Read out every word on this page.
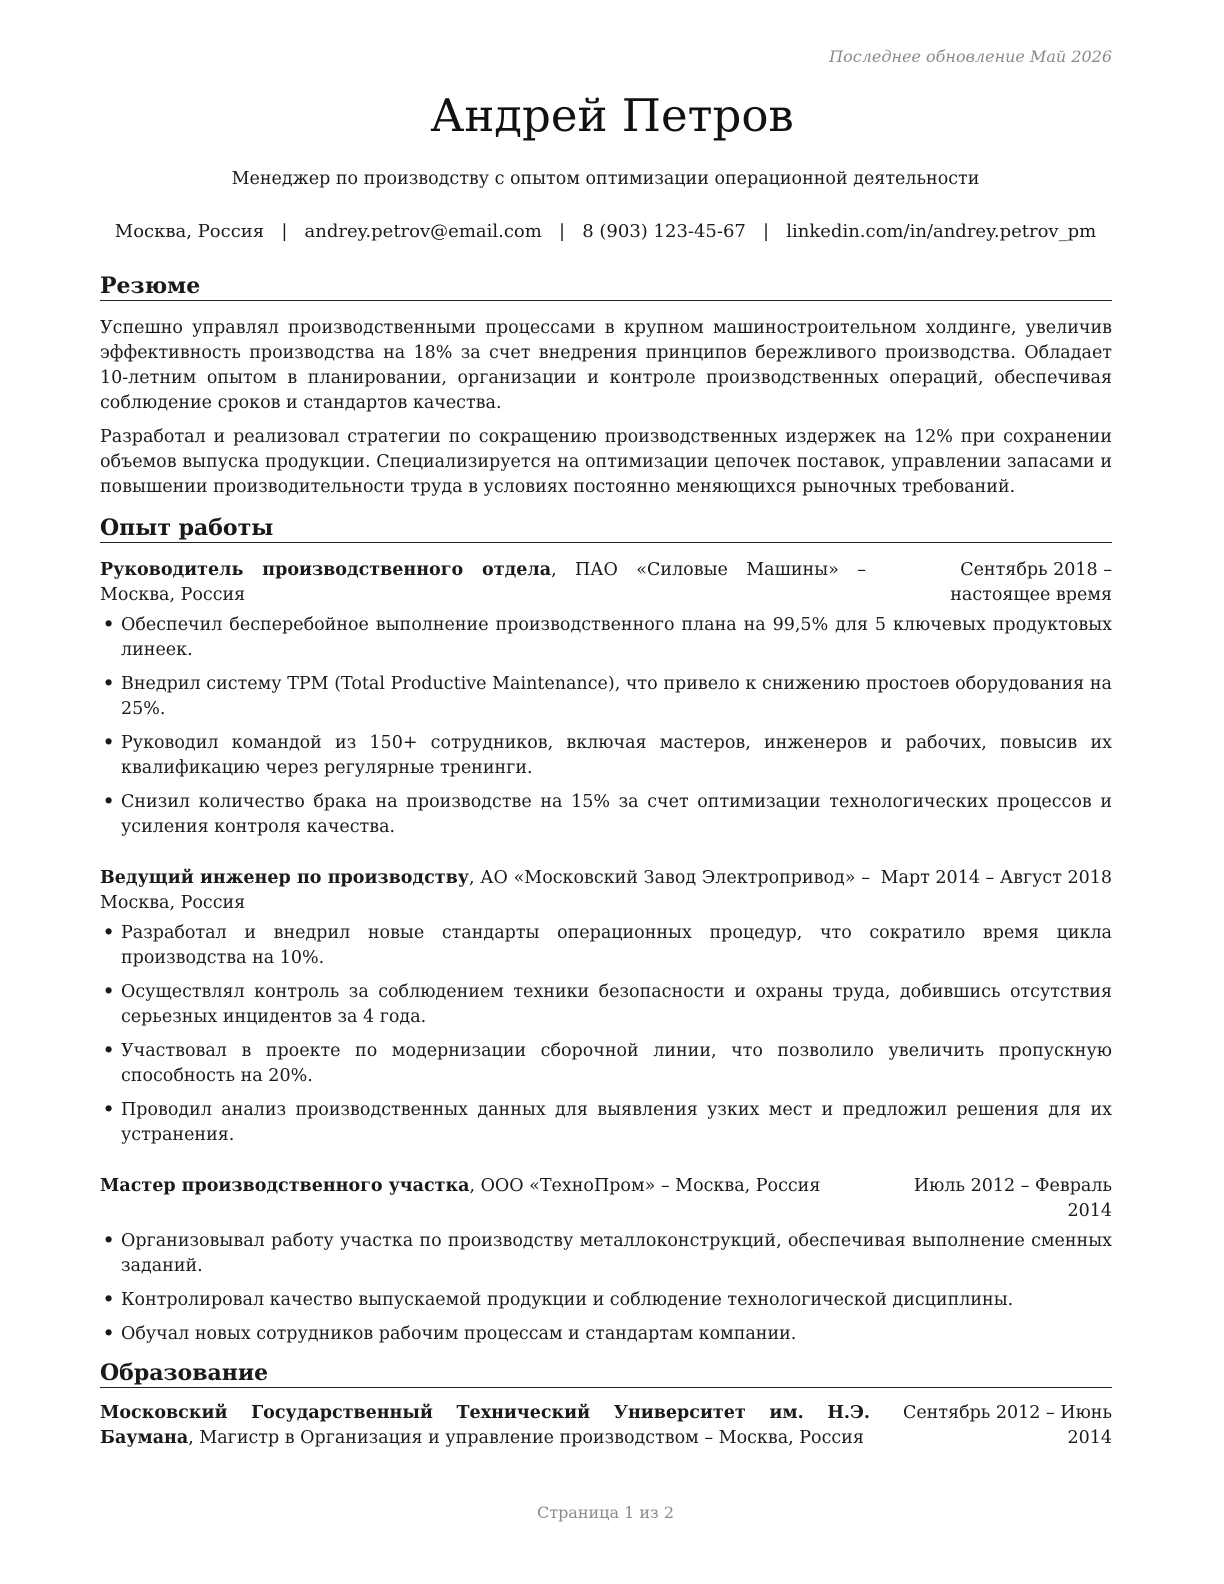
Последнее обновление Май 2026
Андрей Петров
Менеджер по производству с опытом оптимизации операционной деятельности
Москва, Россия   |   andrey.petrov@email.com   |   8 (903) 123-45-67   |   linkedin.com/in/andrey.petrov_pm
Резюме

Успешно управлял производственными процессами в крупном машиностроительном холдинге, увеличив эффективность производства на 18% за счет внедрения принципов бережливого производства. Обладает 10-летним опытом в планировании, организации и контроле производственных операций, обеспечивая соблюдение сроков и стандартов качества.

Разработал и реализовал стратегии по сокращению производственных издержек на 12% при сохранении объемов выпуска продукции. Специализируется на оптимизации цепочек поставок, управлении запасами и повышении производительности труда в условиях постоянно меняющихся рыночных требований.

Опыт работы
Руководитель производственного отдела, ПАО «Силовые Машины» – Москва, Россия
Сентябрь 2018 – настоящее время
• Обеспечил бесперебойное выполнение производственного плана на 99,5% для 5 ключевых продуктовых линеек.
• Внедрил систему TPM (Total Productive Maintenance), что привело к снижению простоев оборудования на 25%.
• Руководил командой из 150+ сотрудников, включая мастеров, инженеров и рабочих, повысив их квалификацию через регулярные тренинги.
• Снизил количество брака на производстве на 15% за счет оптимизации технологических процессов и усиления контроля качества.
Ведущий инженер по производству, АО «Московский Завод Электропривод» – Москва, Россия
Март 2014 – Август 2018
• Разработал и внедрил новые стандарты операционных процедур, что сократило время цикла производства на 10%.
• Осуществлял контроль за соблюдением техники безопасности и охраны труда, добившись отсутствия серьезных инцидентов за 4 года.
• Участвовал в проекте по модернизации сборочной линии, что позволило увеличить пропускную способность на 20%.
• Проводил анализ производственных данных для выявления узких мест и предложил решения для их устранения.
Мастер производственного участка, ООО «ТехноПром» – Москва, Россия	Июль 2012 – Февраль 2014
• Организовывал работу участка по производству металлоконструкций, обеспечивая выполнение сменных заданий.
• Контролировал качество выпускаемой продукции и соблюдение технологической дисциплины.
• Обучал новых сотрудников рабочим процессам и стандартам компании.
Образование
Московский Государственный Технический Университет им. Н.Э. Баумана, Магистр в Организация и управление производством – Москва, Россия
Сентябрь 2012 – Июнь 2014
Страница 1 из 2
